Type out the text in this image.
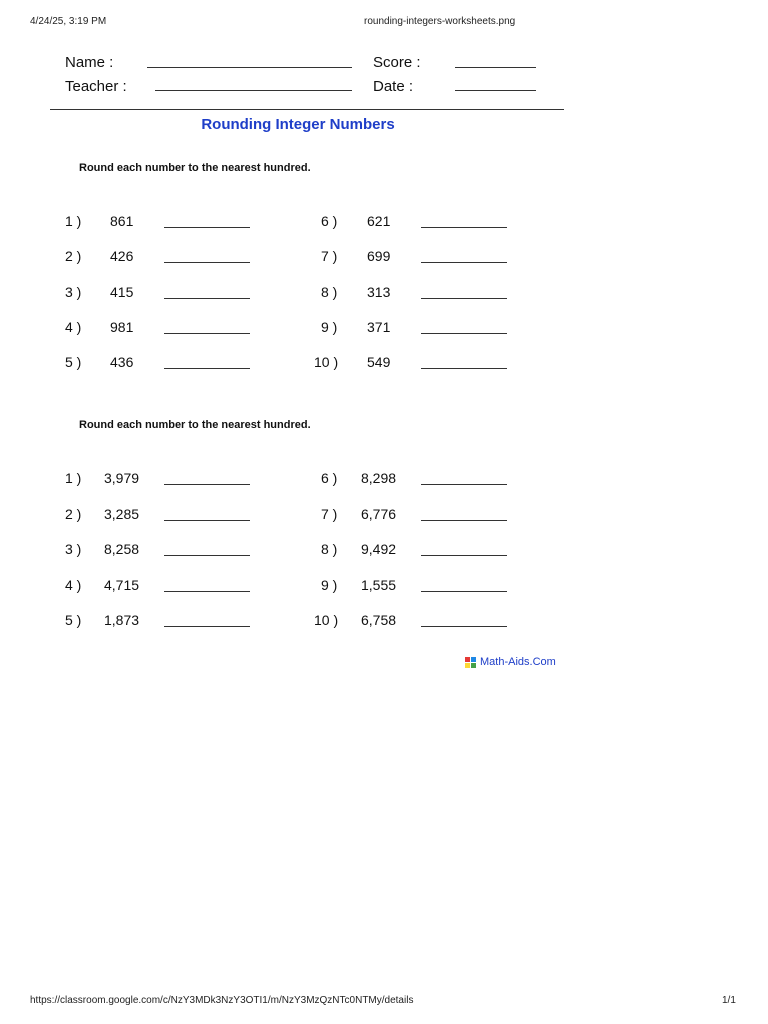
4/24/25, 3:19 PM	rounding-integers-worksheets.png
Name :	Score :
Teacher :	Date :
Rounding Integer Numbers
Round each number to the nearest hundred.
1 ) 861
2 ) 426
3 ) 415
4 ) 981
5 ) 436
6 ) 621
7 ) 699
8 ) 313
9 ) 371
10 ) 549
Round each number to the nearest hundred.
1 ) 3,979
2 ) 3,285
3 ) 8,258
4 ) 4,715
5 ) 1,873
6 ) 8,298
7 ) 6,776
8 ) 9,492
9 ) 1,555
10 ) 6,758
Math-Aids.Com
https://classroom.google.com/c/NzY3MDk3NzY3OTI1/m/NzY3MzQzNTc0NTMy/details	1/1
